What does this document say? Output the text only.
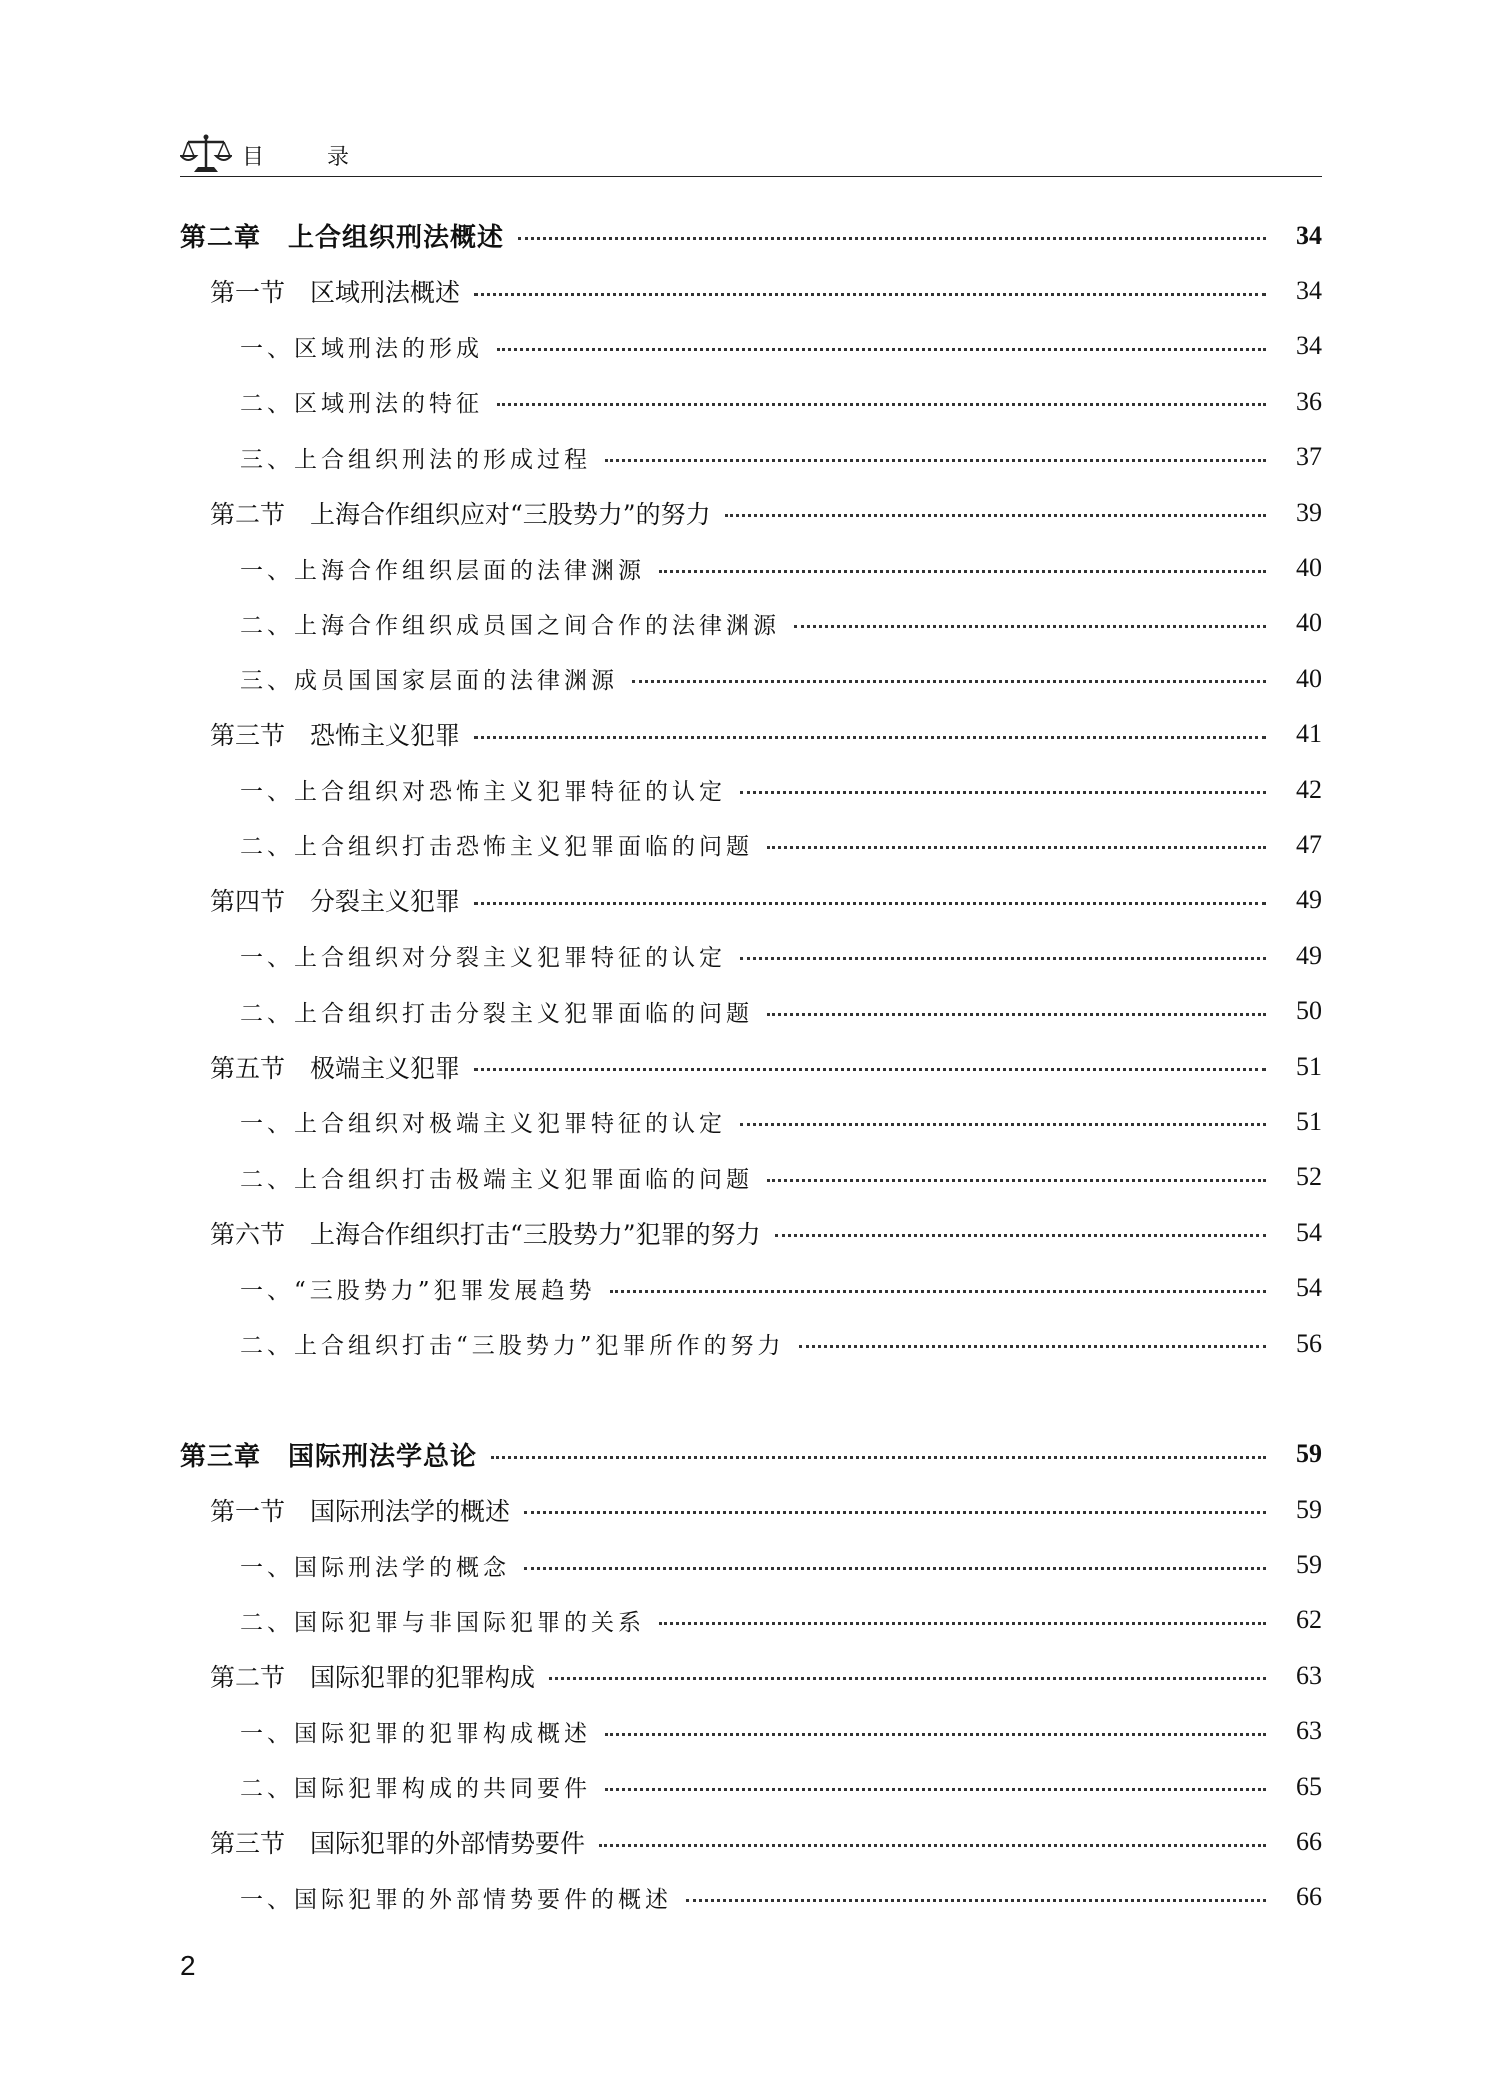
目 录
第二章　上合组织刑法概述	34
第一节　区域刑法概述	34
一、区域刑法的形成	34
二、区域刑法的特征	36
三、上合组织刑法的形成过程	37
第二节　上海合作组织应对“三股势力”的努力	39
一、上海合作组织层面的法律渊源	40
二、上海合作组织成员国之间合作的法律渊源	40
三、成员国国家层面的法律渊源	40
第三节　恐怖主义犯罪	41
一、上合组织对恐怖主义犯罪特征的认定	42
二、上合组织打击恐怖主义犯罪面临的问题	47
第四节　分裂主义犯罪	49
一、上合组织对分裂主义犯罪特征的认定	49
二、上合组织打击分裂主义犯罪面临的问题	50
第五节　极端主义犯罪	51
一、上合组织对极端主义犯罪特征的认定	51
二、上合组织打击极端主义犯罪面临的问题	52
第六节　上海合作组织打击“三股势力”犯罪的努力	54
一、“三股势力”犯罪发展趋势	54
二、上合组织打击“三股势力”犯罪所作的努力	56
第三章　国际刑法学总论	59
第一节　国际刑法学的概述	59
一、国际刑法学的概念	59
二、国际犯罪与非国际犯罪的关系	62
第二节　国际犯罪的犯罪构成	63
一、国际犯罪的犯罪构成概述	63
二、国际犯罪构成的共同要件	65
第三节　国际犯罪的外部情势要件	66
一、国际犯罪的外部情势要件的概述	66
2
